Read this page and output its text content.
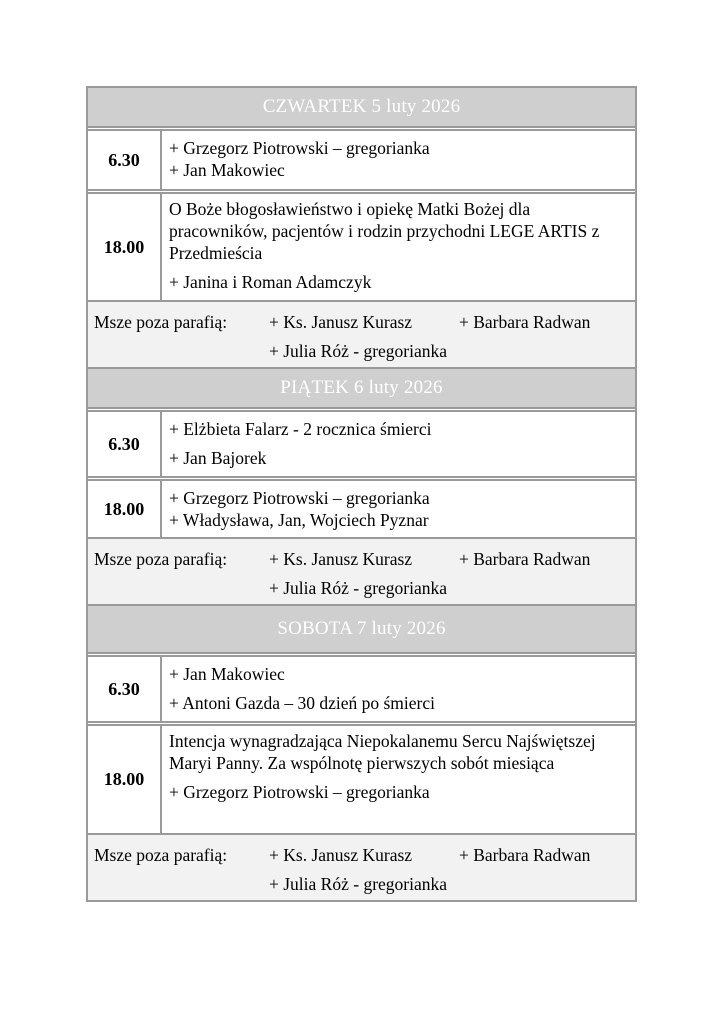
CZWARTEK 5 luty 2026
6.30

+ Grzegorz Piotrowski – gregorianka

+ Jan Makowiec

18.00

O Boże błogosławieństwo i opiekę Matki Bożej dla pracowników, pacjentów i rodzin przychodni LEGE ARTIS z Przedmieścia

+ Janina i Roman Adamczyk

Msze poza parafią:	+ Ks. Janusz Kurasz	+ Barbara Radwan
+ Julia Róż - gregorianka
PIĄTEK 6 luty 2026
6.30

+ Elżbieta Falarz - 2 rocznica śmierci

+ Jan Bajorek

18.00

+ Grzegorz Piotrowski – gregorianka

+ Władysława, Jan, Wojciech Pyznar

Msze poza parafią:	+ Ks. Janusz Kurasz	+ Barbara Radwan
+ Julia Róż - gregorianka
SOBOTA 7 luty 2026
6.30

+ Jan Makowiec

+ Antoni Gazda – 30 dzień po śmierci

18.00

Intencja wynagradzająca Niepokalanemu Sercu Najświętszej Maryi Panny. Za wspólnotę pierwszych sobót miesiąca

+ Grzegorz Piotrowski – gregorianka

Msze poza parafią:	+ Ks. Janusz Kurasz	+ Barbara Radwan
+ Julia Róż - gregorianka
